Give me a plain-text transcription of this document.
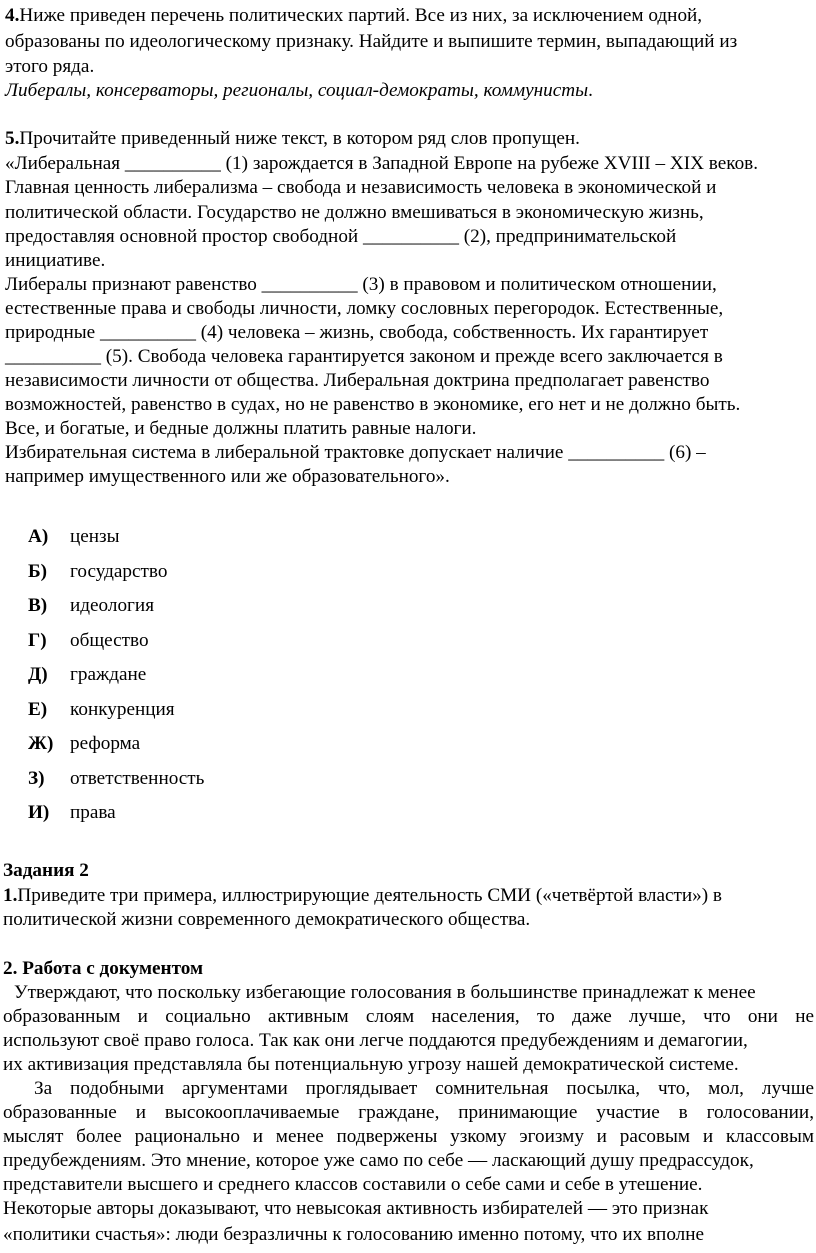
4.Ниже приведен перечень политических партий. Все из них, за исключением одной,
образованы по идеологическому признаку. Найдите и выпишите термин, выпадающий из
этого ряда.
Либералы, консерваторы, регионалы, социал-демократы, коммунисты.
5.Прочитайте приведенный ниже текст, в котором ряд слов пропущен.
«Либеральная __________ (1) зарождается в Западной Европе на рубеже XVIII – XIX веков.
Главная ценность либерализма – свобода и независимость человека в экономической и
политической области. Государство не должно вмешиваться в экономическую жизнь,
предоставляя основной простор свободной __________ (2), предпринимательской
инициативе.
Либералы признают равенство __________ (3) в правовом и политическом отношении,
естественные права и свободы личности, ломку сословных перегородок. Естественные,
природные __________ (4) человека – жизнь, свобода, собственность. Их гарантирует
__________ (5). Свобода человека гарантируется законом и прежде всего заключается в
независимости личности от общества. Либеральная доктрина предполагает равенство
возможностей, равенство в судах, но не равенство в экономике, его нет и не должно быть.
Все, и богатые, и бедные должны платить равные налоги.
Избирательная система в либеральной трактовке допускает наличие __________ (6) –
например имущественного или же образовательного».
А) цензы
Б) государство
В) идеология
Г) общество
Д) граждане
Е) конкуренция
Ж) реформа
З) ответственность
И) права
Задания 2
1.Приведите три примера, иллюстрирующие деятельность СМИ («четвёртой власти») в
политической жизни современного демократического общества.
2. Работа с документом
Утверждают, что поскольку избегающие голосования в большинстве принадлежат к менее
образованным и социально активным слоям населения, то даже лучше, что они не
используют своё право голоса. Так как они легче поддаются предубеждениям и демагогии,
их активизация представляла бы потенциальную угрозу нашей демократической системе.
За подобными аргументами проглядывает сомнительная посылка, что, мол, лучше
образованные и высокооплачиваемые граждане, принимающие участие в голосовании,
мыслят более рационально и менее подвержены узкому эгоизму и расовым и классовым
предубеждениям. Это мнение, которое уже само по себе — ласкающий душу предрассудок,
представители высшего и среднего классов составили о себе сами и себе в утешение.
Некоторые авторы доказывают, что невысокая активность избирателей — это признак
«политики счастья»: люди безразличны к голосованию именно потому, что их вполне
